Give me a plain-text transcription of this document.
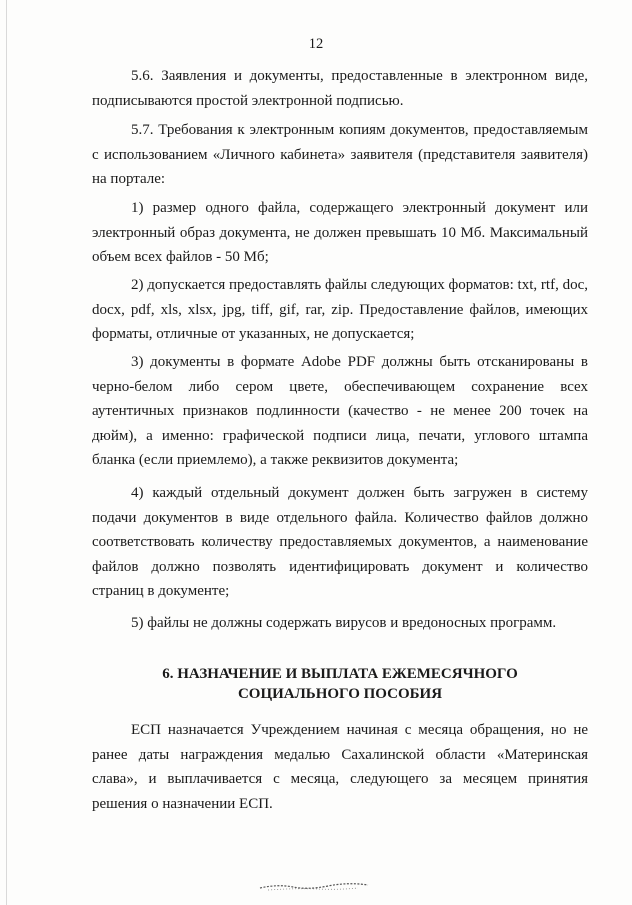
12

5.6. Заявления и документы, предоставленные в электронном виде, подписываются простой электронной подписью.

5.7. Требования к электронным копиям документов, предоставляемым с использованием «Личного кабинета» заявителя (представителя заявителя) на портале:

1) размер одного файла, содержащего электронный документ или электронный образ документа, не должен превышать 10 Мб. Максимальный объем всех файлов - 50 Мб;

2) допускается предоставлять файлы следующих форматов: txt, rtf, doc, docx, pdf, xls, xlsx, jpg, tiff, gif, rar, zip. Предоставление файлов, имеющих форматы, отличные от указанных, не допускается;

3) документы в формате Adobe PDF должны быть отсканированы в черно-белом либо сером цвете, обеспечивающем сохранение всех аутентичных признаков подлинности (качество - не менее 200 точек на дюйм), а именно: графической подписи лица, печати, углового штампа бланка (если приемлемо), а также реквизитов документа;

4) каждый отдельный документ должен быть загружен в систему подачи документов в виде отдельного файла. Количество файлов должно соответствовать количеству предоставляемых документов, а наименование файлов должно позволять идентифицировать документ и количество страниц в документе;

5) файлы не должны содержать вирусов и вредоносных программ.

6. НАЗНАЧЕНИЕ И ВЫПЛАТА ЕЖЕМЕСЯЧНОГО
СОЦИАЛЬНОГО ПОСОБИЯ

ЕСП назначается Учреждением начиная с месяца обращения, но не ранее даты награждения медалью Сахалинской области «Материнская слава», и выплачивается с месяца, следующего за месяцем принятия решения о назначении ЕСП.
